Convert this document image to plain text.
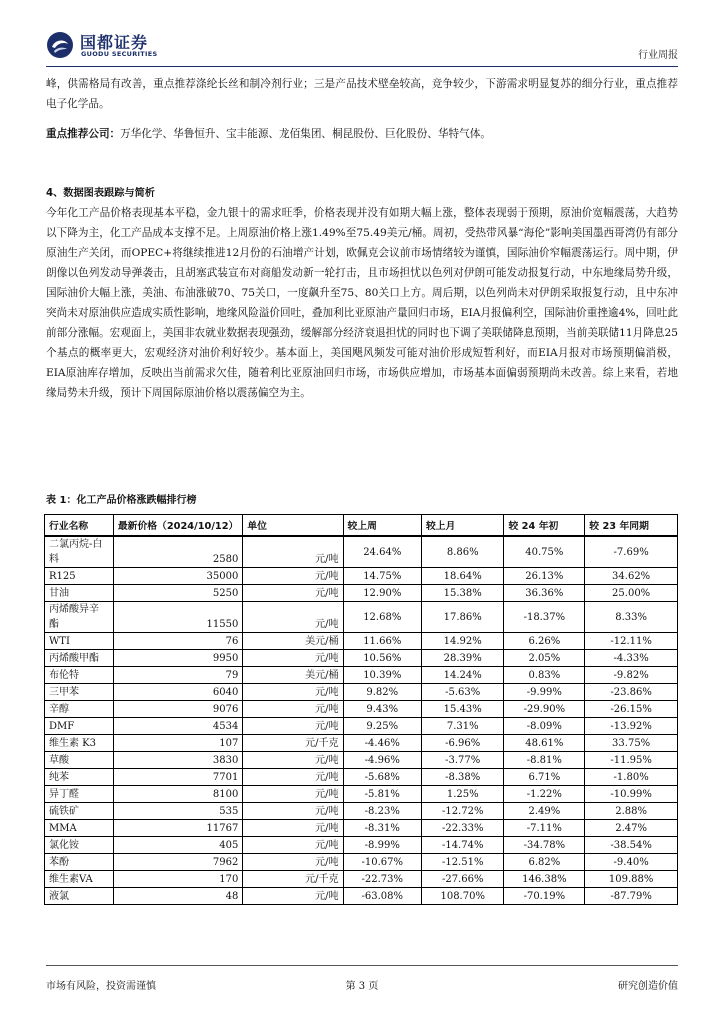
国都证券
GUODU SECURITIES	行业周报
峰，供需格局有改善，重点推荐涤纶长丝和制冷剂行业；三是产品技术壁垒较高，竞争较少，下游需求明显复苏的细分行业，重点推荐电子化学品。
重点推荐公司：万华化学、华鲁恒升、宝丰能源、龙佰集团、桐昆股份、巨化股份、华特气体。
4、数据图表跟踪与简析
今年化工产品价格表现基本平稳，金九银十的需求旺季，价格表现并没有如期大幅上涨，整体表现弱于预期，原油价宽幅震荡，大趋势以下降为主，化工产品成本支撑不足。上周原油价格上涨1.49%至75.49美元/桶。周初，受热带风暴“海伦”影响美国墨西哥湾仍有部分原油生产关闭，而OPEC+将继续推进12月份的石油增产计划，欧佩克会议前市场情绪较为谨慎，国际油价窄幅震荡运行。周中期，伊朗像以色列发动导弹袭击，且胡塞武装宣布对商船发动新一轮打击，且市场担忧以色列对伊朗可能发动报复行动，中东地缘局势升级，国际油价大幅上涨，美油、布油涨破70、75关口，一度飙升至75、80关口上方。周后期，以色列尚未对伊朗采取报复行动，且中东冲突尚未对原油供应造成实质性影响，地缘风险溢价回吐，叠加利比亚原油产量回归市场，EIA月报偏利空，国际油价重挫逾4%，回吐此前部分涨幅。宏观面上，美国非农就业数据表现强劲，缓解部分经济衰退担忧的同时也下调了美联储降息预期，当前美联储11月降息25个基点的概率更大，宏观经济对油价利好较少。基本面上，美国飓风频发可能对油价形成短暂利好，而EIA月报对市场预期偏消极，EIA原油库存增加，反映出当前需求欠佳，随着利比亚原油回归市场，市场供应增加，市场基本面偏弱预期尚未改善。综上来看，若地缘局势未升级，预计下周国际原油价格以震荡偏空为主。
表 1：化工产品价格涨跌幅排行榜
行业名称	最新价格（2024/10/12）	单位	较上周	较上月	较 24 年初	较 23 年同期
二氯丙烷-白料	2580	元/吨	24.64%	8.86%	40.75%	-7.69%
R125	35000	元/吨	14.75%	18.64%	26.13%	34.62%
甘油	5250	元/吨	12.90%	15.38%	36.36%	25.00%
丙烯酸异辛酯	11550	元/吨	12.68%	17.86%	-18.37%	8.33%
WTI	76	美元/桶	11.66%	14.92%	6.26%	-12.11%
丙烯酸甲酯	9950	元/吨	10.56%	28.39%	2.05%	-4.33%
布伦特	79	美元/桶	10.39%	14.24%	0.83%	-9.82%
三甲苯	6040	元/吨	9.82%	-5.63%	-9.99%	-23.86%
辛醇	9076	元/吨	9.43%	15.43%	-29.90%	-26.15%
DMF	4534	元/吨	9.25%	7.31%	-8.09%	-13.92%
维生素 K3	107	元/千克	-4.46%	-6.96%	48.61%	33.75%
草酸	3830	元/吨	-4.96%	-3.77%	-8.81%	-11.95%
纯苯	7701	元/吨	-5.68%	-8.38%	6.71%	-1.80%
异丁醛	8100	元/吨	-5.81%	1.25%	-1.22%	-10.99%
硫铁矿	535	元/吨	-8.23%	-12.72%	2.49%	2.88%
MMA	11767	元/吨	-8.31%	-22.33%	-7.11%	2.47%
氯化铵	405	元/吨	-8.99%	-14.74%	-34.78%	-38.54%
苯酚	7962	元/吨	-10.67%	-12.51%	6.82%	-9.40%
维生素VA	170	元/千克	-22.73%	-27.66%	146.38%	109.88%
液氯	48	元/吨	-63.08%	108.70%	-70.19%	-87.79%
市场有风险，投资需谨慎	第 3 页	研究创造价值
